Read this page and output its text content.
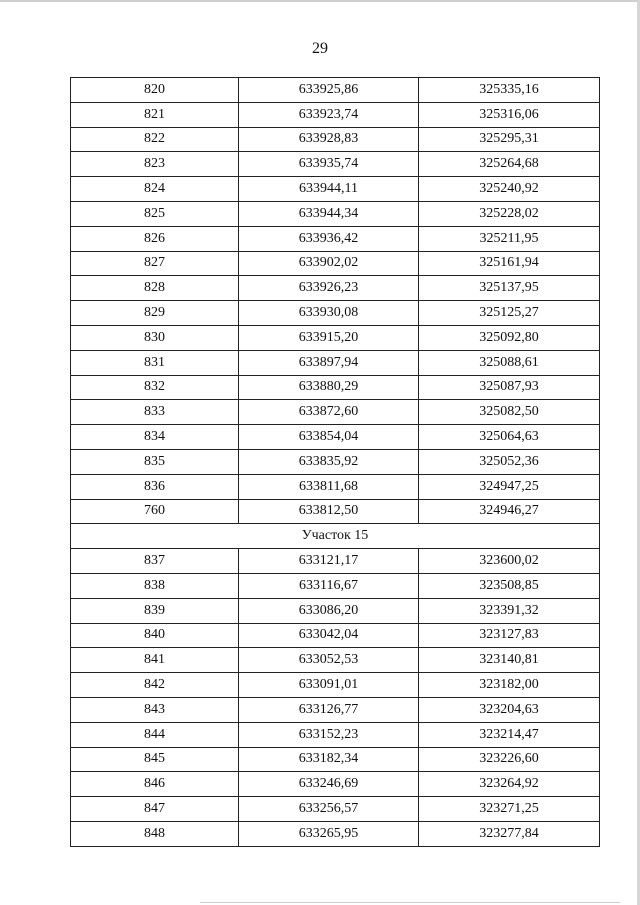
29
820	633925,86	325335,16
821	633923,74	325316,06
822	633928,83	325295,31
823	633935,74	325264,68
824	633944,11	325240,92
825	633944,34	325228,02
826	633936,42	325211,95
827	633902,02	325161,94
828	633926,23	325137,95
829	633930,08	325125,27
830	633915,20	325092,80
831	633897,94	325088,61
832	633880,29	325087,93
833	633872,60	325082,50
834	633854,04	325064,63
835	633835,92	325052,36
836	633811,68	324947,25
760	633812,50	324946,27
Участок 15		
837	633121,17	323600,02
838	633116,67	323508,85
839	633086,20	323391,32
840	633042,04	323127,83
841	633052,53	323140,81
842	633091,01	323182,00
843	633126,77	323204,63
844	633152,23	323214,47
845	633182,34	323226,60
846	633246,69	323264,92
847	633256,57	323271,25
848	633265,95	323277,84
